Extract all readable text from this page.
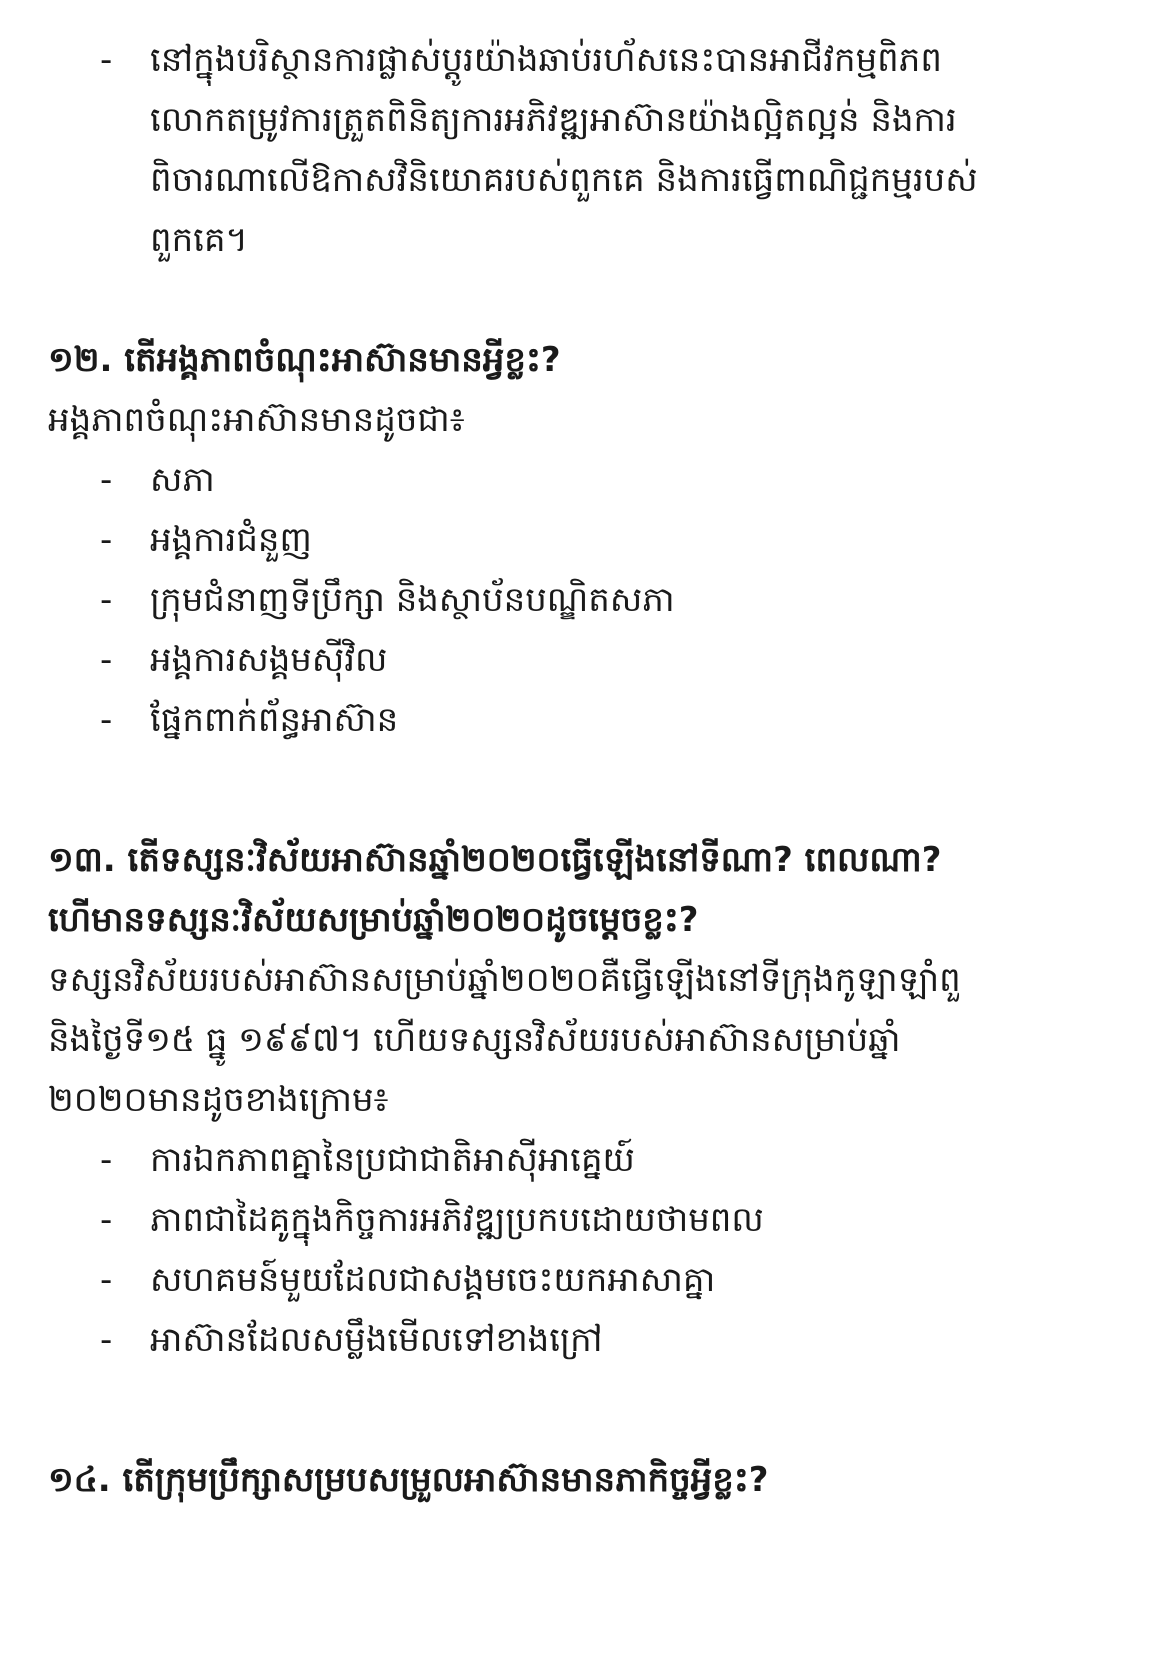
- នៅក្នុងបរិស្ថានការផ្លាស់ប្តូរយ៉ាងឆាប់រហ័សនេះបានអាជីវកម្មពិភព
លោកតម្រូវការត្រួតពិនិត្យការអភិវឌ្ឍអាស៊ានយ៉ាងល្អិតល្អន់ និងការ
ពិចារណាលើឱកាសវិនិយោគរបស់ពួកគេ និងការធ្វើពាណិជ្ជកម្មរបស់
ពួកគេ។
១២. តើអង្គភាពចំណុះអាស៊ានមានអ្វីខ្លះ?
អង្គភាពចំណុះអាស៊ានមានដូចជា៖
- សភា
- អង្គការជំនួញ
- ក្រុមជំនាញទីប្រឹក្សា និងស្ថាប័នបណ្ឌិតសភា
- អង្គការសង្គមស៊ីវិល
- ផ្នែកពាក់ព័ន្ធអាស៊ាន
១៣. តើទស្សនៈវិស័យអាស៊ានឆ្នាំ២០២០ធ្វើឡើងនៅទីណា? ពេលណា?
ហើមានទស្សនៈវិស័យសម្រាប់ឆ្នាំ២០២០ដូចម្តេចខ្លះ?
ទស្សនវិស័យរបស់អាស៊ានសម្រាប់ឆ្នាំ២០២០គឺធ្វើឡើងនៅទីក្រុងកូឡាឡាំពួ
និងថ្ងៃទី១៥ ធ្នូ ១៩៩៧។ ហើយទស្សនវិស័យរបស់អាស៊ានសម្រាប់ឆ្នាំ
២០២០មានដូចខាងក្រោម៖
- ការឯកភាពគ្នានៃប្រជាជាតិអាស៊ីអាគ្នេយ៍
- ភាពជាដៃគូក្នុងកិច្ចការអភិវឌ្ឍប្រកបដោយថាមពល
- សហគមន៍មួយដែលជាសង្គមចេះយកអាសាគ្នា
- អាស៊ានដែលសម្លឹងមើលទៅខាងក្រៅ
១៤. តើក្រុមប្រឹក្សាសម្របសម្រួលអាស៊ានមានភាកិច្ចអ្វីខ្លះ?
